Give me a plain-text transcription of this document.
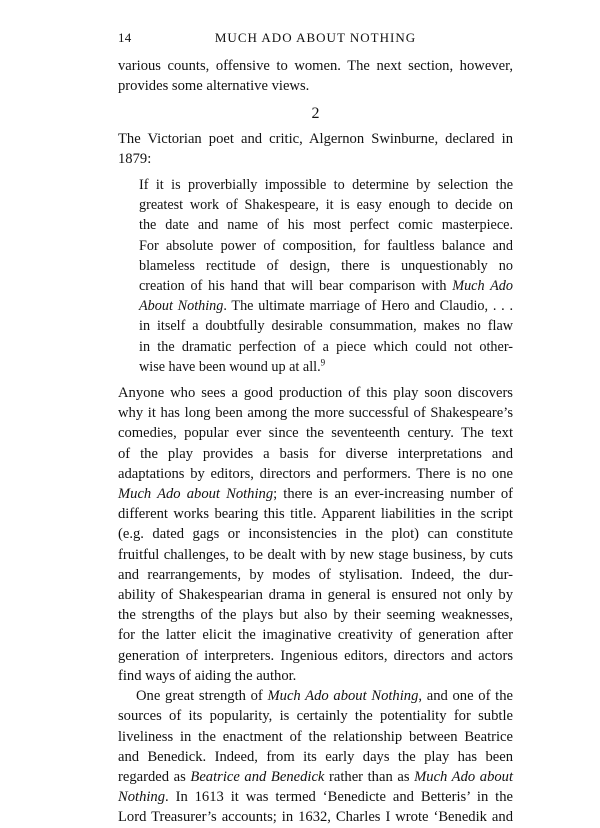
14	MUCH ADO ABOUT NOTHING

various counts, offensive to women. The next section, however,
provides some alternative views.

2

The Victorian poet and critic, Algernon Swinburne, declared in
1879:

If it is proverbially impossible to determine by selection the
greatest work of Shakespeare, it is easy enough to decide on
the date and name of his most perfect comic masterpiece.
For absolute power of composition, for faultless balance and
blameless rectitude of design, there is unquestionably no
creation of his hand that will bear comparison with Much Ado
About Nothing. The ultimate marriage of Hero and Claudio, . . .
in itself a doubtfully desirable consummation, makes no flaw
in the dramatic perfection of a piece which could not other-
wise have been wound up at all.$^9$

Anyone who sees a good production of this play soon discovers
why it has long been among the more successful of Shakespeare’s
comedies, popular ever since the seventeenth century. The text
of the play provides a basis for diverse interpretations and
adaptations by editors, directors and performers. There is no one
Much Ado about Nothing; there is an ever-increasing number of
different works bearing this title. Apparent liabilities in the script
(e.g. dated gags or inconsistencies in the plot) can constitute
fruitful challenges, to be dealt with by new stage business, by cuts
and rearrangements, by modes of stylisation. Indeed, the dur-
ability of Shakespearian drama in general is ensured not only by
the strengths of the plays but also by their seeming weaknesses,
for the latter elicit the imaginative creativity of generation after
generation of interpreters. Ingenious editors, directors and actors
find ways of aiding the author.

One great strength of Much Ado about Nothing, and one of the
sources of its popularity, is certainly the potentiality for subtle
liveliness in the enactment of the relationship between Beatrice
and Benedick. Indeed, from its early days the play has been
regarded as Beatrice and Benedick rather than as Much Ado about
Nothing. In 1613 it was termed ‘Benedicte and Betteris’ in the
Lord Treasurer’s accounts; in 1632, Charles I wrote ‘Benedik and
